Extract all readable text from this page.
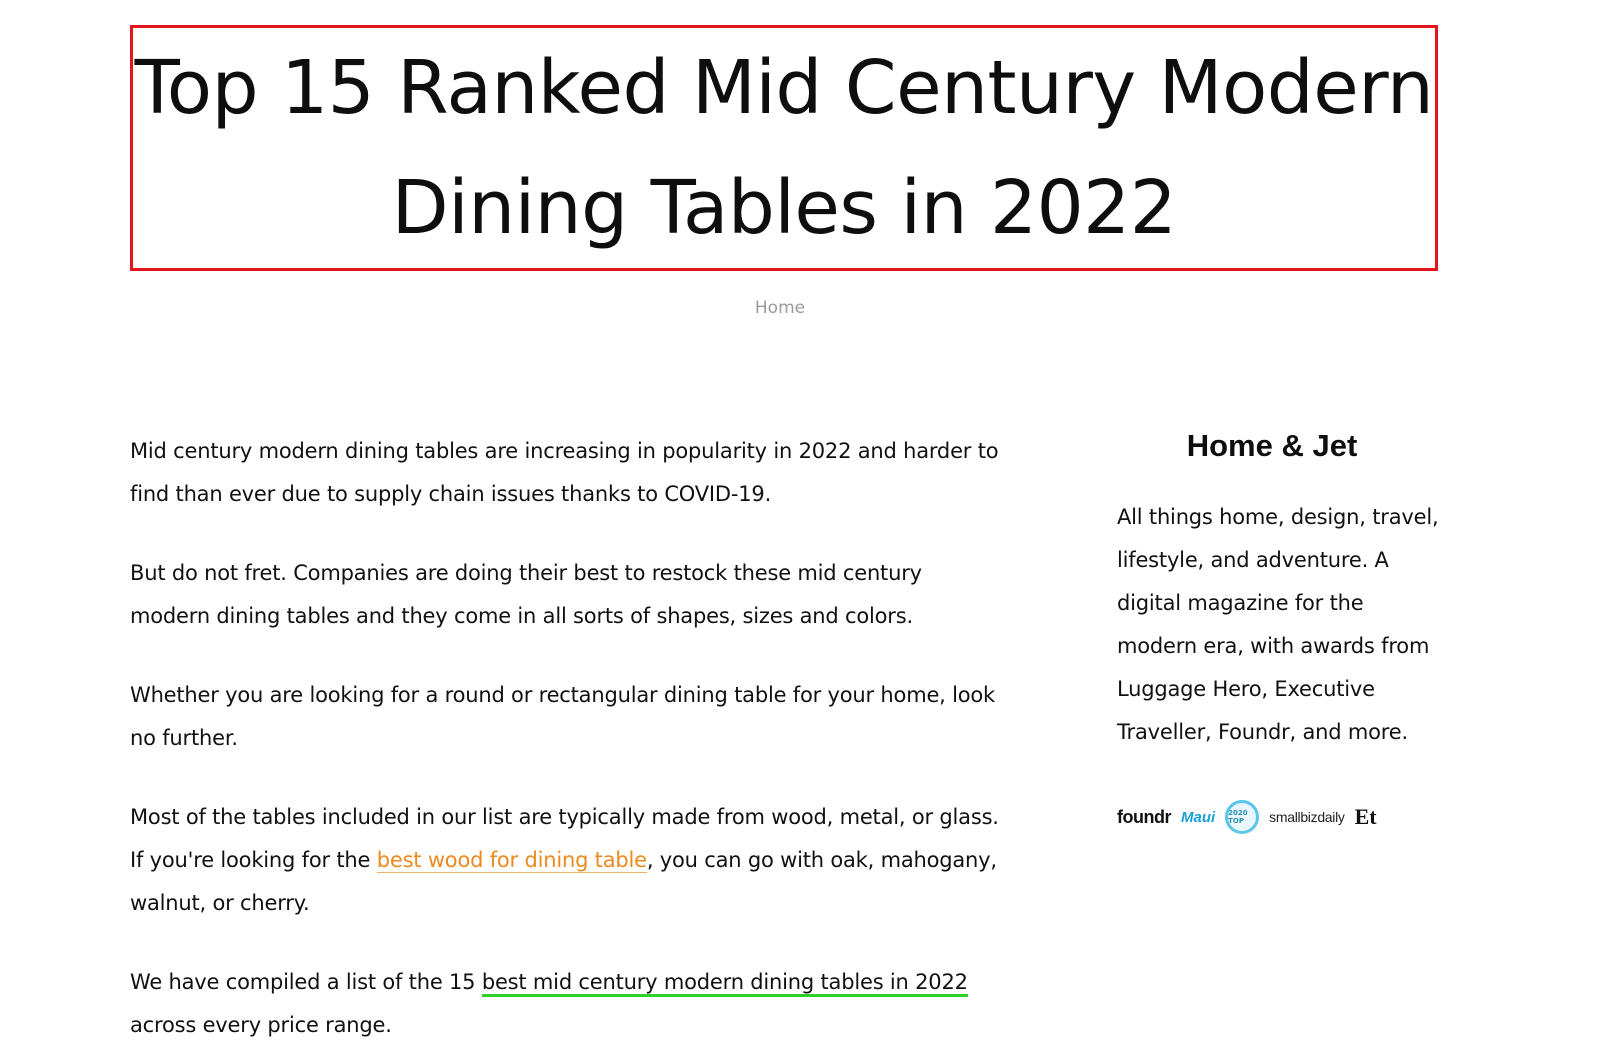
Top 15 Ranked Mid Century Modern Dining Tables in 2022
Home

Mid century modern dining tables are increasing in popularity in 2022 and harder to find than ever due to supply chain issues thanks to COVID-19.

But do not fret. Companies are doing their best to restock these mid century modern dining tables and they come in all sorts of shapes, sizes and colors.

Whether you are looking for a round or rectangular dining table for your home, look no further.

Most of the tables included in our list are typically made from wood, metal, or glass. If you're looking for the best wood for dining table, you can go with oak, mahogany, walnut, or cherry.

We have compiled a list of the 15 best mid century modern dining tables in 2022 across every price range.

Home & Jet

All things home, design, travel, lifestyle, and adventure. A digital magazine for the modern era, with awards from Luggage Hero, Executive Traveller, Foundr, and more.

foundr Maui	2020 TOP	smallbizdaily Et
